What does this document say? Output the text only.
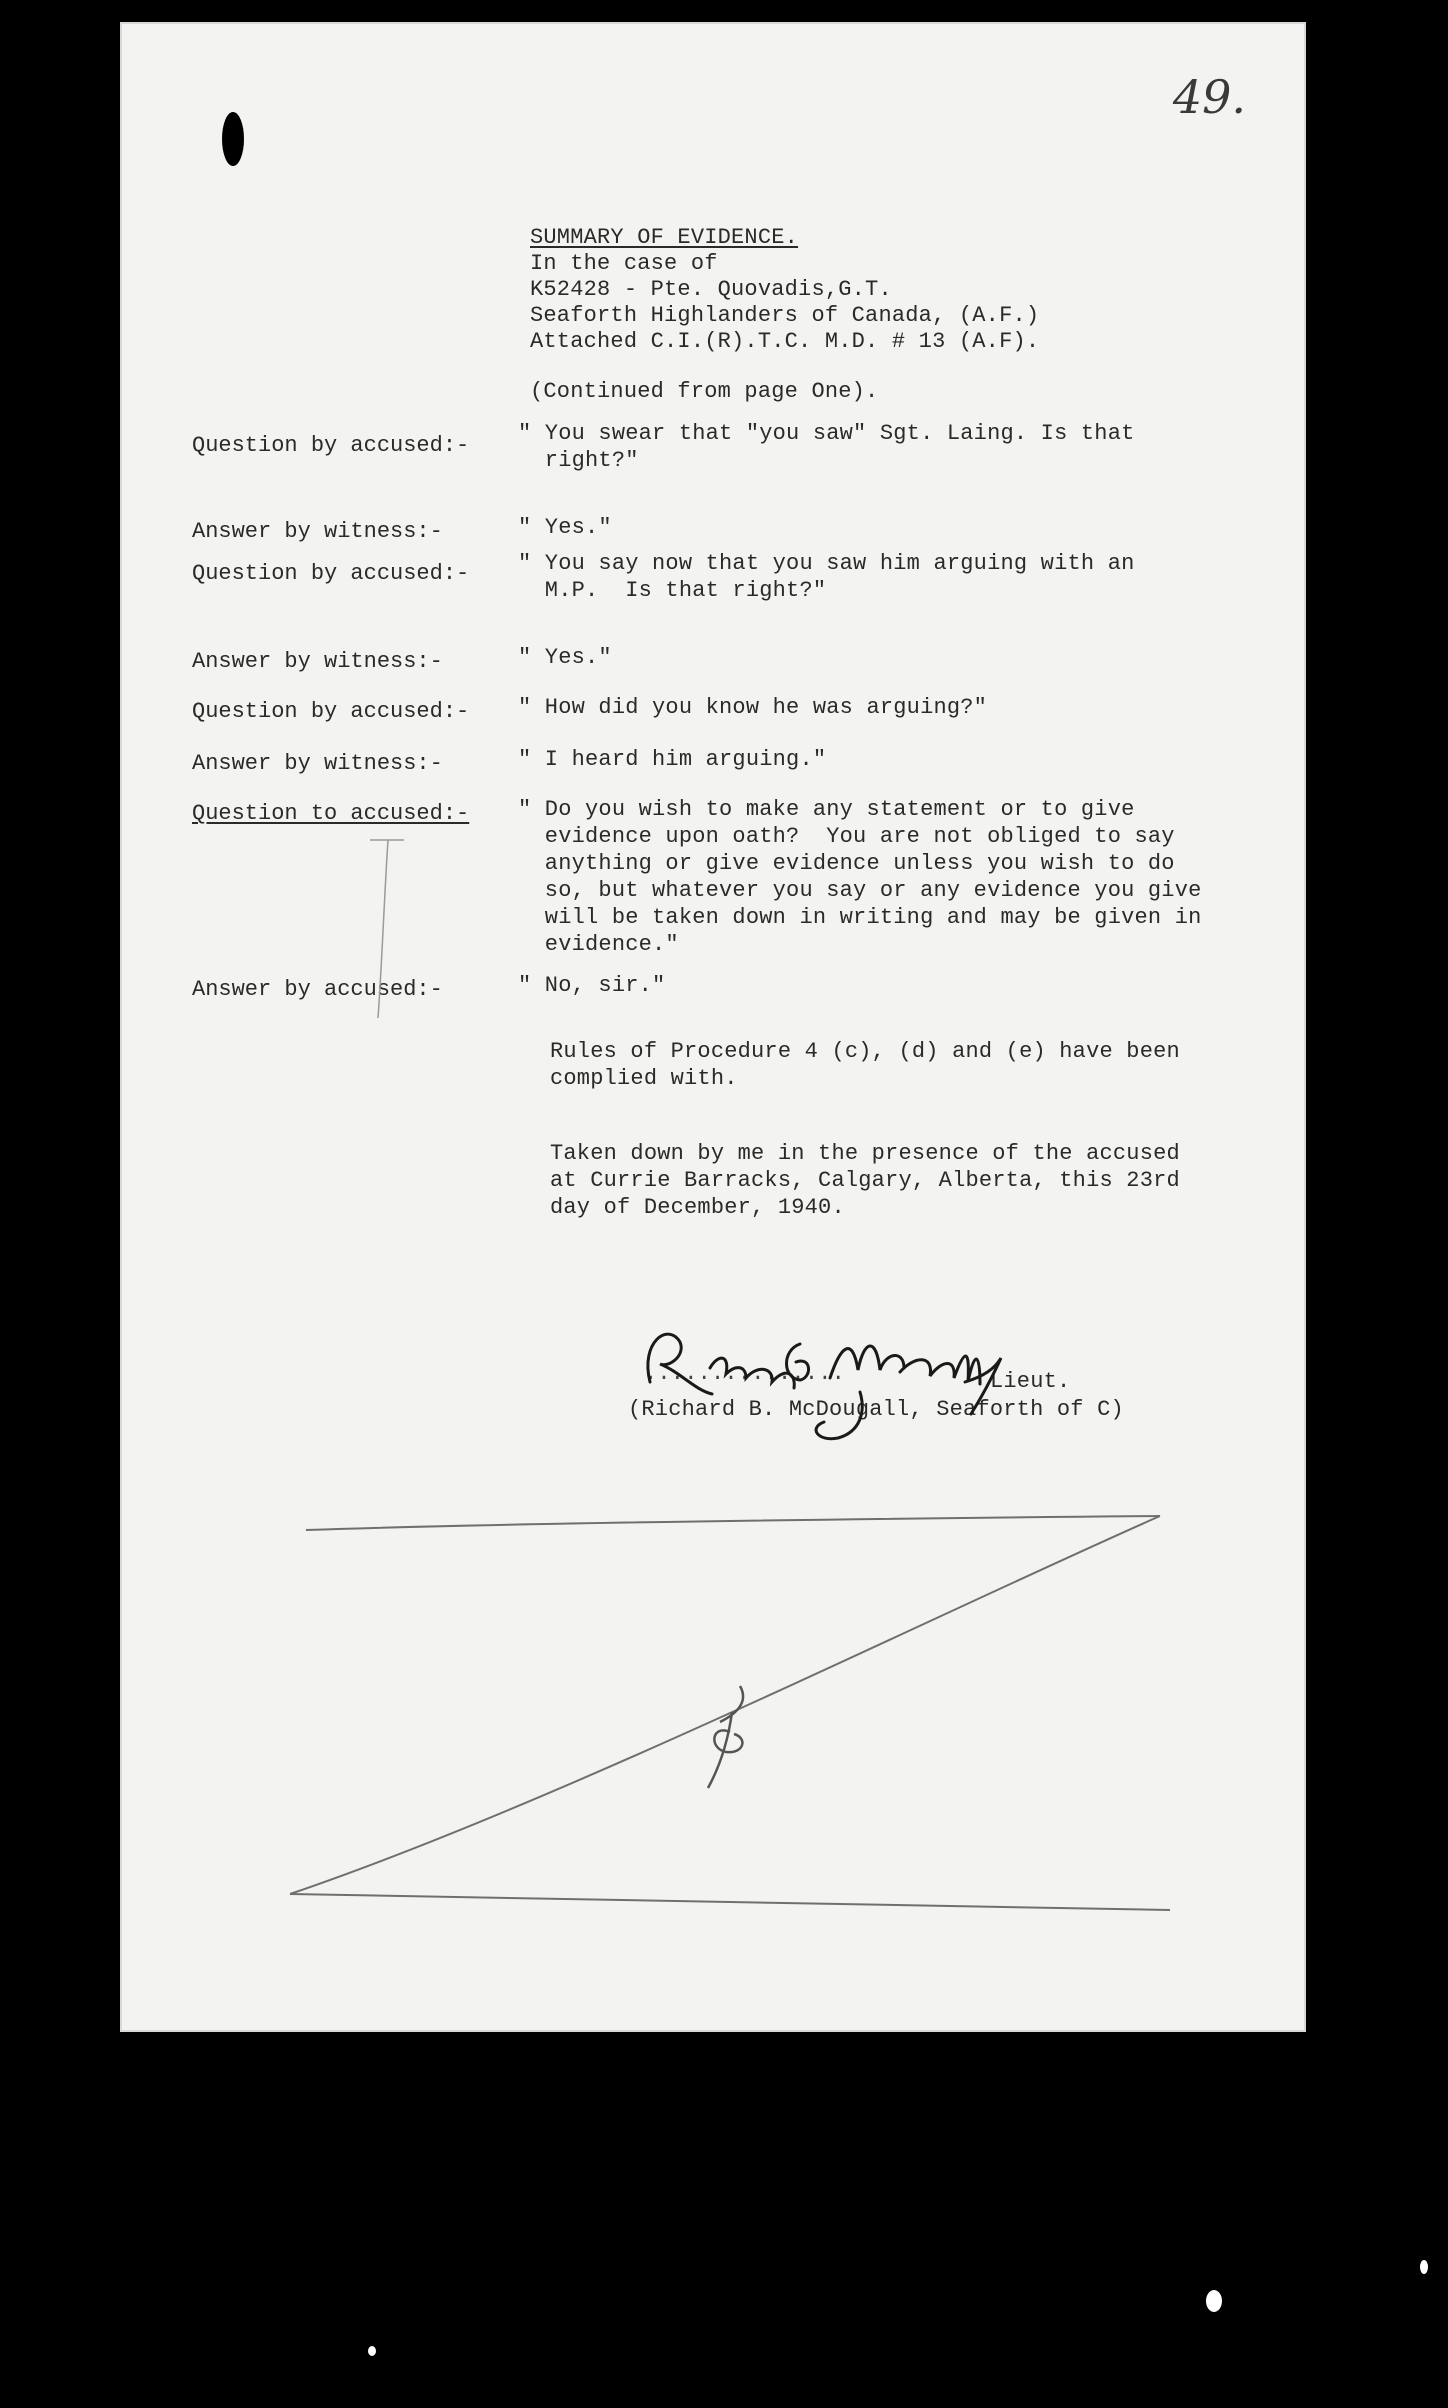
49.
SUMMARY OF EVIDENCE.
In the case of
K52428 - Pte. Quovadis,G.T.
Seaforth Highlanders of Canada, (A.F.)
Attached C.I.(R).T.C. M.D. # 13 (A.F).
(Continued from page One).
Question by accused:- " You swear that "you saw" Sgt. Laing. Is that
right?"
Answer by witness:-	" Yes."
Question by accused:- " You say now that you saw him arguing with an
M.P.  Is that right?"
Answer by witness:-	" Yes."
Question by accused:- " How did you know he was arguing?"
Answer by witness:-	" I heard him arguing."
Question to accused:- " Do you wish to make any statement or to give
evidence upon oath?  You are not obliged to say
anything or give evidence unless you wish to do
so, but whatever you say or any evidence you give
will be taken down in writing and may be given in
evidence."
Answer by accused:-	" No, sir."
Rules of Procedure 4 (c), (d) and (e) have been
complied with.
Taken down by me in the presence of the accused
at Currie Barracks, Calgary, Alberta, this 23rd
day of December, 1940.
...............	Lieut.
(Richard B. McDougall, Seaforth of C)
